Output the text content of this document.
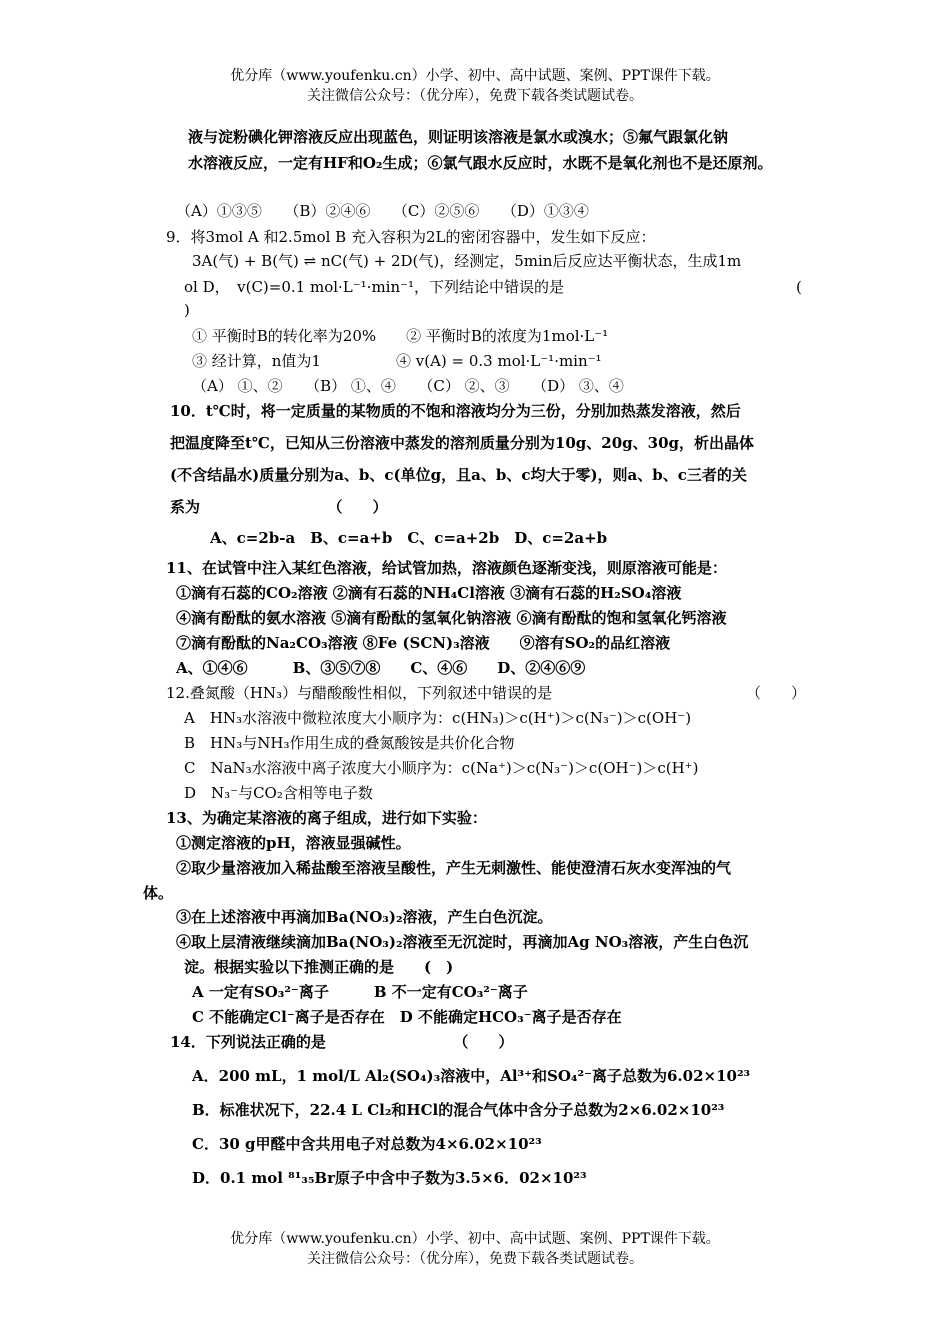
优分库（www.youfenku.cn）小学、初中、高中试题、案例、PPT课件下载。
关注微信公众号：（优分库），免费下载各类试题试卷。
液与淀粉碘化钾溶液反应出现蓝色，则证明该溶液是氯水或溴水；⑤氟气跟氯化钠
水溶液反应，一定有HF和O₂生成；⑥氯气跟水反应时，水既不是氧化剂也不是还原剂。
（A）①③⑤　　（B）②④⑥　　（C）②⑤⑥　　（D）①③④
9．将3mol A 和2.5mol B 充入容积为2L的密闭容器中，发生如下反应：
3A(气) + B(气) ⇌ nC(气) + 2D(气)，经测定，5min后反应达平衡状态，生成1m
ol D，　v(C)=0.1 mol·L⁻¹·min⁻¹，下列结论中错误的是	(
)
① 平衡时B的转化率为20%　　② 平衡时B的浓度为1mol·L⁻¹
③ 经计算，n值为1　　　　　④ v(A) = 0.3 mol·L⁻¹·min⁻¹
（A） ①、②　　（B） ①、④　　（C） ②、③　　（D） ③、④
10．t℃时，将一定质量的某物质的不饱和溶液均分为三份，分别加热蒸发溶液，然后
把温度降至t℃，已知从三份溶液中蒸发的溶剂质量分别为10g、20g、30g，析出晶体
(不含结晶水)质量分别为a、b、c(单位g，且a、b、c均大于零)，则a、b、c三者的关
系为　　　　　　　　　（　　）
A、c=2b-a　B、c=a+b　C、c=a+2b　D、c=2a+b
11、在试管中注入某红色溶液，给试管加热，溶液颜色逐渐变浅，则原溶液可能是：
①滴有石蕊的CO₂溶液 ②滴有石蕊的NH₄Cl溶液 ③滴有石蕊的H₂SO₄溶液
④滴有酚酞的氨水溶液 ⑤滴有酚酞的氢氧化钠溶液 ⑥滴有酚酞的饱和氢氧化钙溶液
⑦滴有酚酞的Na₂CO₃溶液 ⑧Fe (SCN)₃溶液　　⑨溶有SO₂的品红溶液
A、①④⑥　　　B、③⑤⑦⑧　　C、④⑥　　D、②④⑥⑨
12.叠氮酸（HN₃）与醋酸酸性相似，下列叙述中错误的是	（　　）
A　HN₃水溶液中微粒浓度大小顺序为：c(HN₃)＞c(H⁺)＞c(N₃⁻)＞c(OH⁻)
B　HN₃与NH₃作用生成的叠氮酸铵是共价化合物
C　NaN₃水溶液中离子浓度大小顺序为：c(Na⁺)＞c(N₃⁻)＞c(OH⁻)＞c(H⁺)
D　N₃⁻与CO₂含相等电子数
13、为确定某溶液的离子组成，进行如下实验：
①测定溶液的pH，溶液显强碱性。
②取少量溶液加入稀盐酸至溶液呈酸性，产生无刺激性、能使澄清石灰水变浑浊的气
体。
③在上述溶液中再滴加Ba(NO₃)₂溶液，产生白色沉淀。
④取上层清液继续滴加Ba(NO₃)₂溶液至无沉淀时，再滴加Ag NO₃溶液，产生白色沉
淀。根据实验以下推测正确的是　　(　)
A 一定有SO₃²⁻离子　　　B 不一定有CO₃²⁻离子
C 不能确定Cl⁻离子是否存在　D 不能确定HCO₃⁻离子是否存在
14．下列说法正确的是　　　　　　　　　（　　）
A．200 mL，1 mol/L Al₂(SO₄)₃溶液中，Al³⁺和SO₄²⁻离子总数为6.02×10²³
B．标准状况下，22.4 L Cl₂和HCl的混合气体中含分子总数为2×6.02×10²³
C．30 g甲醛中含共用电子对总数为4×6.02×10²³
D．0.1 mol ⁸¹₃₅Br原子中含中子数为3.5×6．02×10²³
优分库（www.youfenku.cn）小学、初中、高中试题、案例、PPT课件下载。
关注微信公众号：（优分库），免费下载各类试题试卷。
